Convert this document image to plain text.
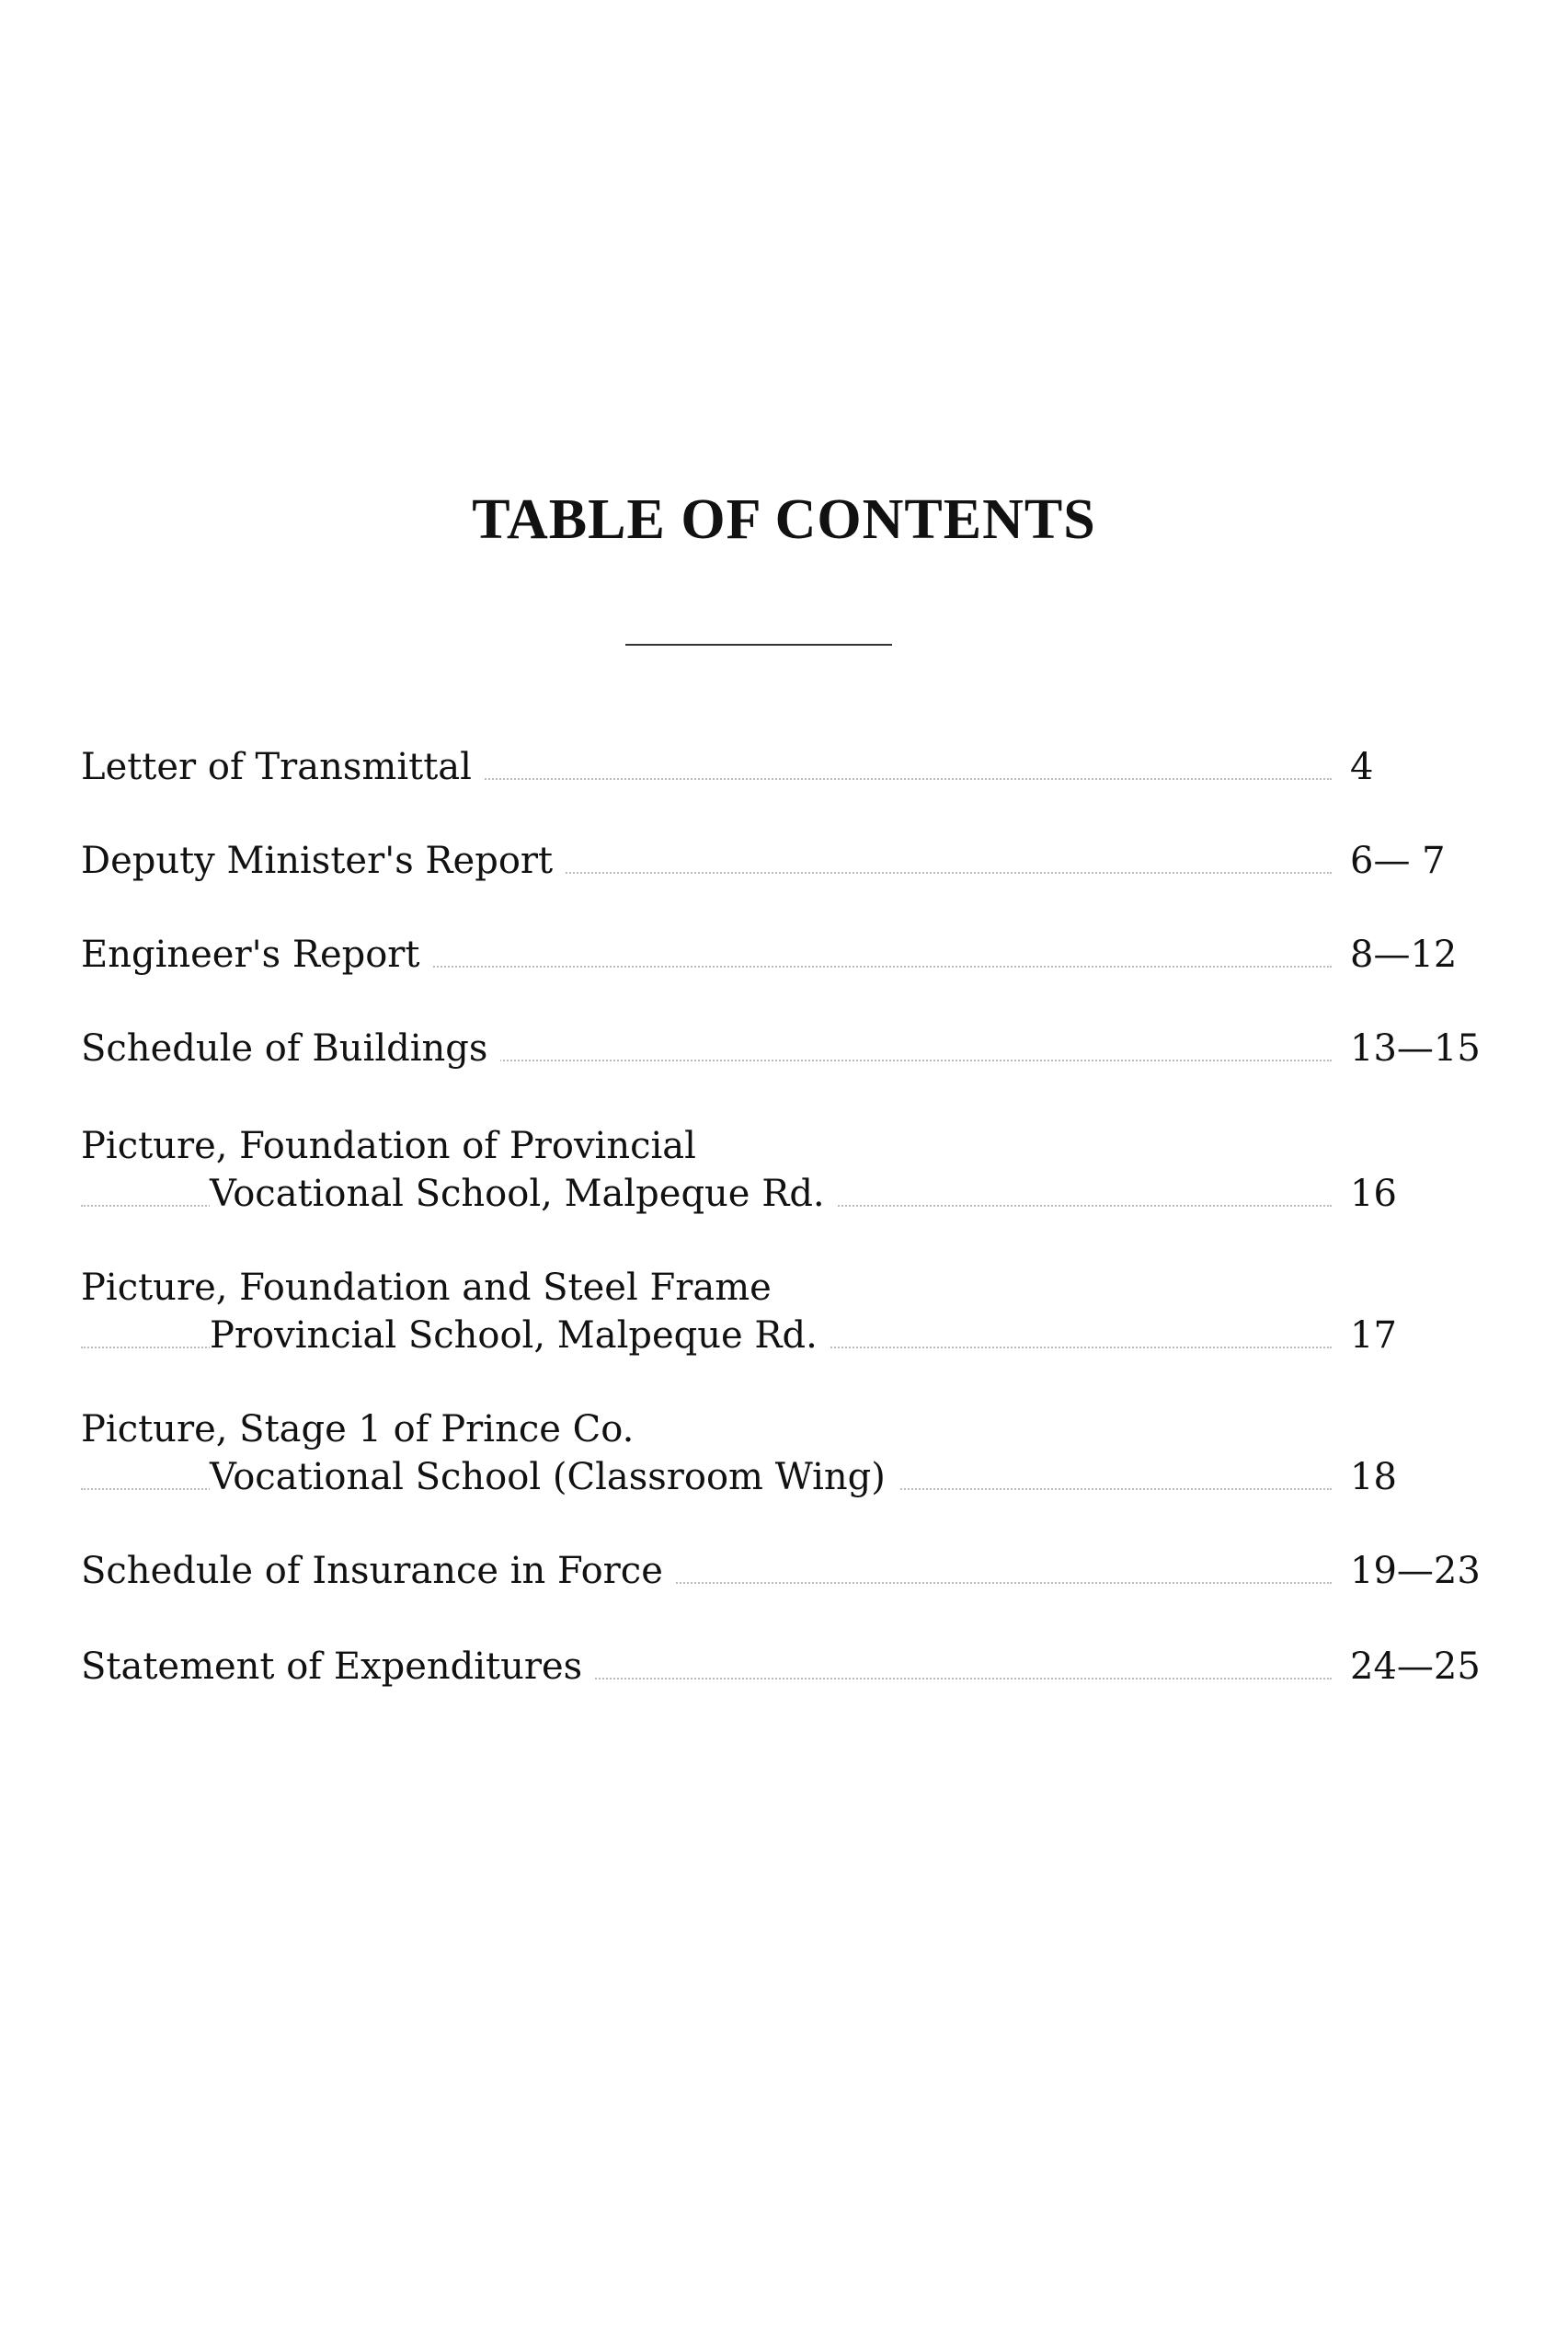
TABLE OF CONTENTS
Letter of Transmittal	4
Deputy Minister's Report	6— 7
Engineer's Report	8—12
Schedule of Buildings	13—15
Picture, Foundation of Provincial
Vocational School, Malpeque Rd.	16
Picture, Foundation and Steel Frame
Provincial School, Malpeque Rd.	17
Picture, Stage 1 of Prince Co.
Vocational School (Classroom Wing)	18
Schedule of Insurance in Force	19—23
Statement of Expenditures	24—25
